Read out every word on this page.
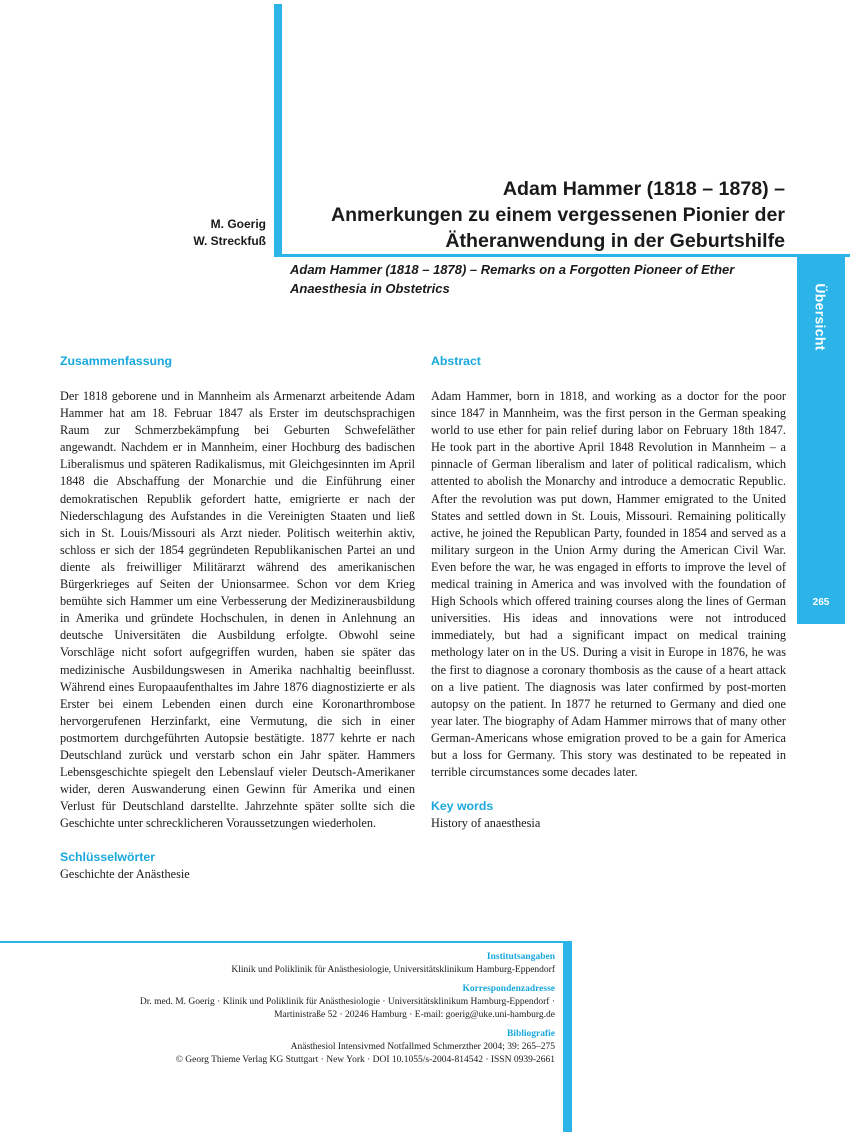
Übersicht
265
M. Goerig
W. Streckfuß
Adam Hammer (1818 – 1878) –
Anmerkungen zu einem vergessenen Pionier der
Ätheranwendung in der Geburtshilfe
Adam Hammer (1818 – 1878) – Remarks on a Forgotten Pioneer of Ether Anaesthesia in Obstetrics
Zusammenfassung

Der 1818 geborene und in Mannheim als Armenarzt arbeitende Adam Hammer hat am 18. Februar 1847 als Erster im deutschsprachigen Raum zur Schmerzbekämpfung bei Geburten Schwefeläther angewandt. Nachdem er in Mannheim, einer Hochburg des badischen Liberalismus und späteren Radikalismus, mit Gleichgesinnten im April 1848 die Abschaffung der Monarchie und die Einführung einer demokratischen Republik gefordert hatte, emigrierte er nach der Niederschlagung des Aufstandes in die Vereinigten Staaten und ließ sich in St. Louis/Missouri als Arzt nieder. Politisch weiterhin aktiv, schloss er sich der 1854 gegründeten Republikanischen Partei an und diente als freiwilliger Militärarzt während des amerikanischen Bürgerkrieges auf Seiten der Unionsarmee. Schon vor dem Krieg bemühte sich Hammer um eine Verbesserung der Medizinerausbildung in Amerika und gründete Hochschulen, in denen in Anlehnung an deutsche Universitäten die Ausbildung erfolgte. Obwohl seine Vorschläge nicht sofort aufgegriffen wurden, haben sie später das medizinische Ausbildungswesen in Amerika nachhaltig beeinflusst. Während eines Europaaufenthaltes im Jahre 1876 diagnostizierte er als Erster bei einem Lebenden einen durch eine Koronarthrombose hervorgerufenen Herzinfarkt, eine Vermutung, die sich in einer postmortem durchgeführten Autopsie bestätigte. 1877 kehrte er nach Deutschland zurück und verstarb schon ein Jahr später. Hammers Lebensgeschichte spiegelt den Lebenslauf vieler Deutsch-Amerikaner wider, deren Auswanderung einen Gewinn für Amerika und einen Verlust für Deutschland darstellte. Jahrzehnte später sollte sich die Geschichte unter schrecklicheren Voraussetzungen wiederholen.

Schlüsselwörter
Geschichte der Anästhesie
Abstract

Adam Hammer, born in 1818, and working as a doctor for the poor since 1847 in Mannheim, was the first person in the German speaking world to use ether for pain relief during labor on February 18th 1847. He took part in the abortive April 1848 Revolution in Mannheim – a pinnacle of German liberalism and later of political radicalism, which attented to abolish the Monarchy and introduce a democratic Republic. After the revolution was put down, Hammer emigrated to the United States and settled down in St. Louis, Missouri. Remaining politically active, he joined the Republican Party, founded in 1854 and served as a military surgeon in the Union Army during the American Civil War. Even before the war, he was engaged in efforts to improve the level of medical training in America and was involved with the foundation of High Schools which offered training courses along the lines of German universities. His ideas and innovations were not introduced immediately, but had a significant impact on medical training methology later on in the US. During a visit in Europe in 1876, he was the first to diagnose a coronary thombosis as the cause of a heart attack on a live patient. The diagnosis was later confirmed by post-morten autopsy on the patient. In 1877 he returned to Germany and died one year later. The biography of Adam Hammer mirrows that of many other German-Americans whose emigration proved to be a gain for America but a loss for Germany. This story was destinated to be repeated in terrible circumstances some decades later.

Key words
History of anaesthesia
Institutsangaben
Klinik und Poliklinik für Anästhesiologie, Universitätsklinikum Hamburg-Eppendorf
Korrespondenzadresse
Dr. med. M. Goerig · Klinik und Poliklinik für Anästhesiologie · Universitätsklinikum Hamburg-Eppendorf ·
Martinistraße 52 · 20246 Hamburg · E-mail: goerig@uke.uni-hamburg.de
Bibliografie
Anästhesiol Intensivmed Notfallmed Schmerzther 2004; 39: 265–275
© Georg Thieme Verlag KG Stuttgart · New York · DOI 10.1055/s-2004-814542 · ISSN 0939-2661
